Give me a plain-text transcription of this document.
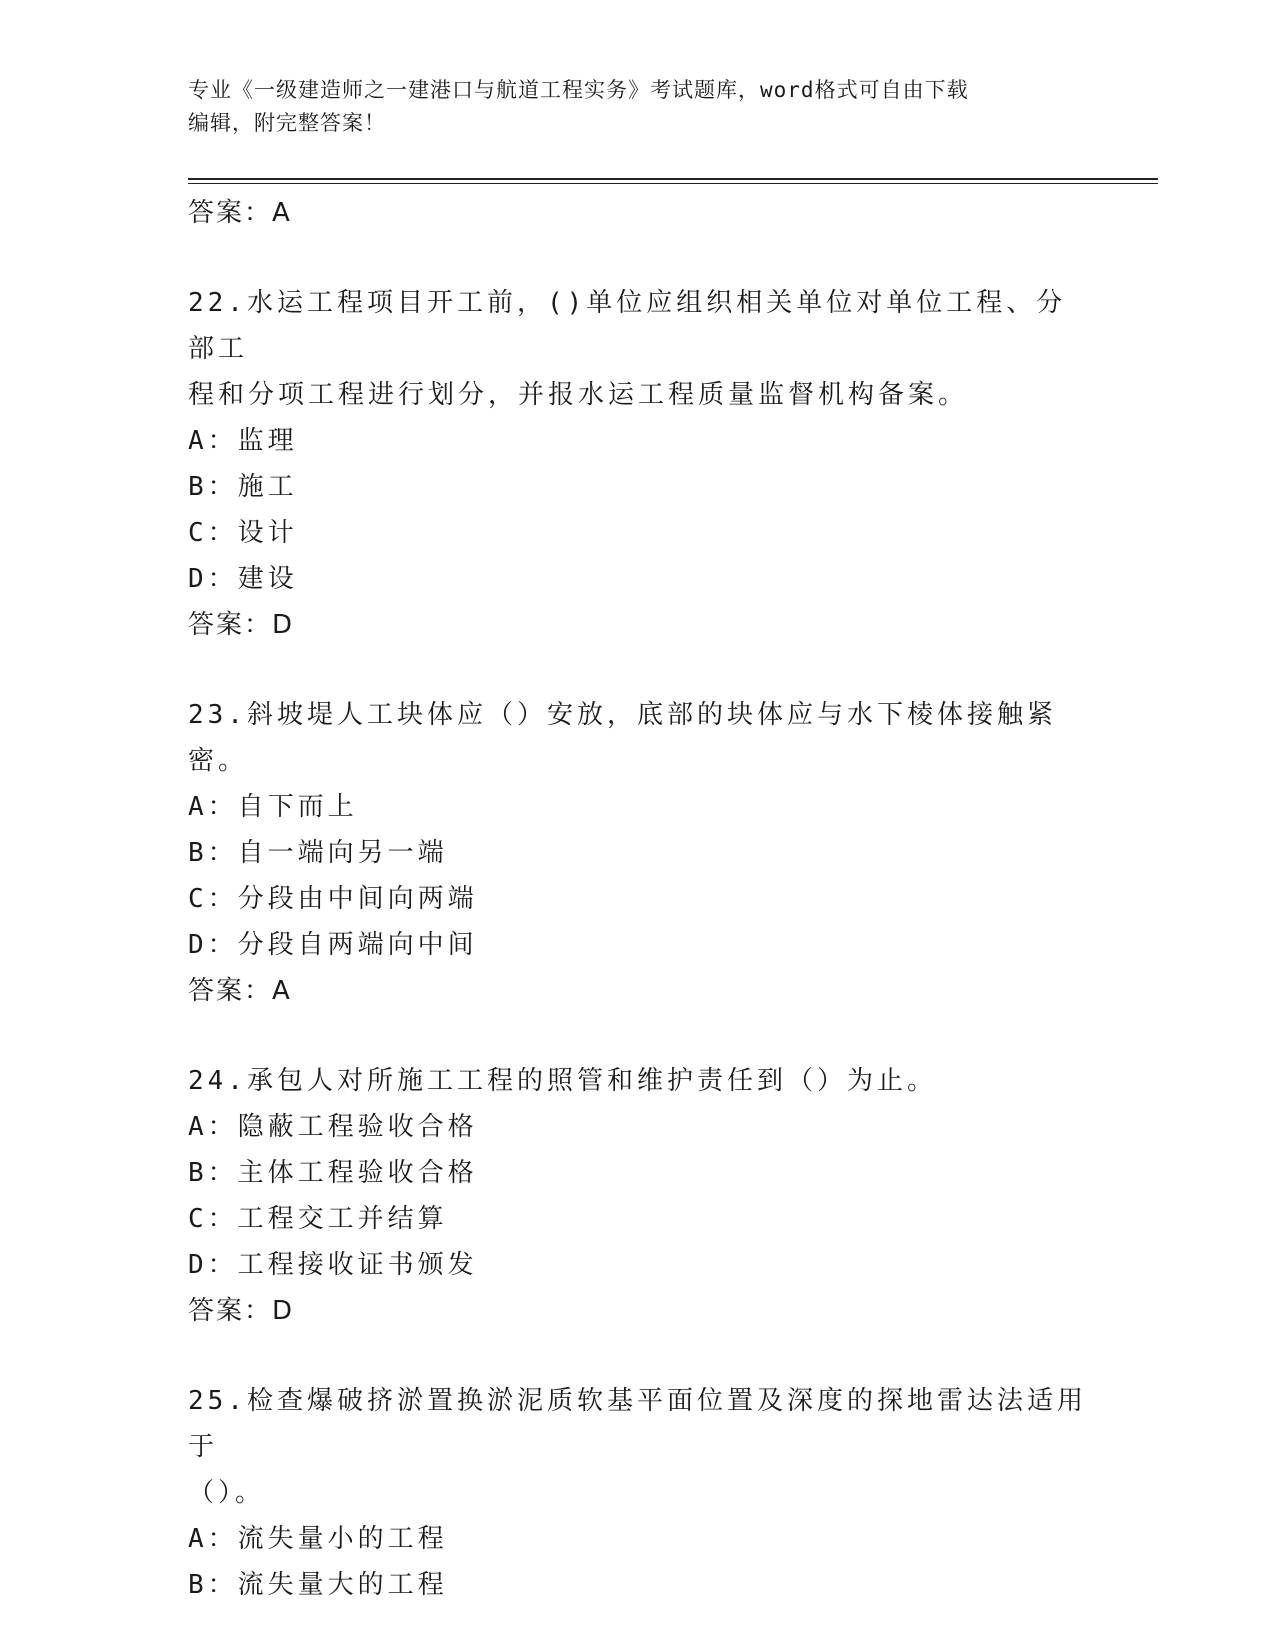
专业《一级建造师之一建港口与航道工程实务》考试题库，word格式可自由下载
编辑，附完整答案！
答案：A
22.水运工程项目开工前，()单位应组织相关单位对单位工程、分部工
程和分项工程进行划分，并报水运工程质量监督机构备案。
A：监理
B：施工
C：设计
D：建设
答案：D
23.斜坡堤人工块体应（）安放，底部的块体应与水下棱体接触紧密。
A：自下而上
B：自一端向另一端
C：分段由中间向两端
D：分段自两端向中间
答案：A
24.承包人对所施工工程的照管和维护责任到（）为止。
A：隐蔽工程验收合格
B：主体工程验收合格
C：工程交工并结算
D：工程接收证书颁发
答案：D
25.检查爆破挤淤置换淤泥质软基平面位置及深度的探地雷达法适用于
（）。
A：流失量小的工程
B：流失量大的工程
